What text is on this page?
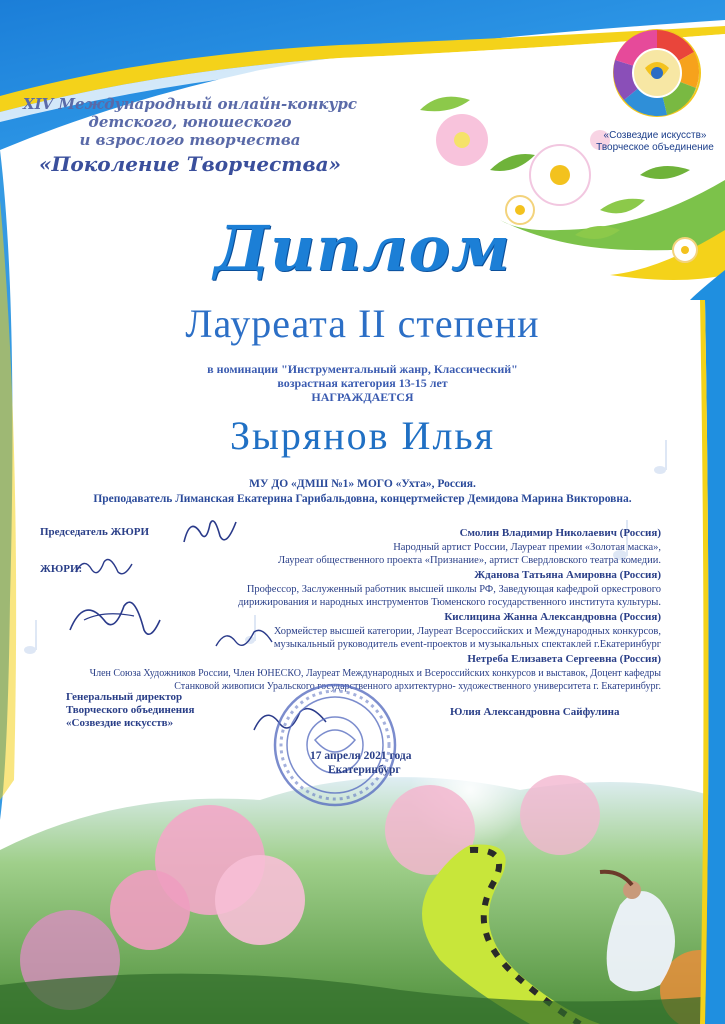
XIV Международный онлайн-конкурс

детского, юношеского

и взрослого творчества

«Поколение Творчества»

«Созвездие искусств»

Творческое объединение

Диплом

Лауреата II степени

в номинации "Инструментальный жанр, Классический"

возрастная категория 13-15 лет

НАГРАЖДАЕТСЯ

Зырянов Илья

МУ ДО «ДМШ №1» МОГО «Ухта», Россия.

Преподаватель Лиманская Екатерина Гарибальдовна, концертмейстер Демидова Марина Викторовна.

Председатель ЖЮРИ

ЖЮРИ:

Смолин Владимир Николаевич (Россия)

Народный артист России, Лауреат премии «Золотая маска»,

Лауреат общественного проекта «Признание», артист Свердловского театра комедии.

Жданова Татьяна Амировна (Россия)

Профессор, Заслуженный работник высшей школы РФ, Заведующая кафедрой оркестрового

дирижирования и народных инструментов Тюменского государственного института культуры.

Кислицина Жанна Александровна (Россия)

Хормейстер высшей категории, Лауреат Всероссийских и Международных конкурсов,

музыкальный руководитель event-проектов и музыкальных спектаклей г.Екатеринбург

Нетреба Елизавета Сергеевна (Россия)

Член Союза Художников России, Член ЮНЕСКО, Лауреат Международных и Всероссийских конкурсов и выставок, Доцент кафедры

Станковой живописи Уральского государственного архитектурно- художественного университета г. Екатеринбург.

Генеральный директор

Творческого объединения

«Созвездие искусств»

Юлия Александровна Сайфулина

17 апреля 2021 года

Екатеринбург
